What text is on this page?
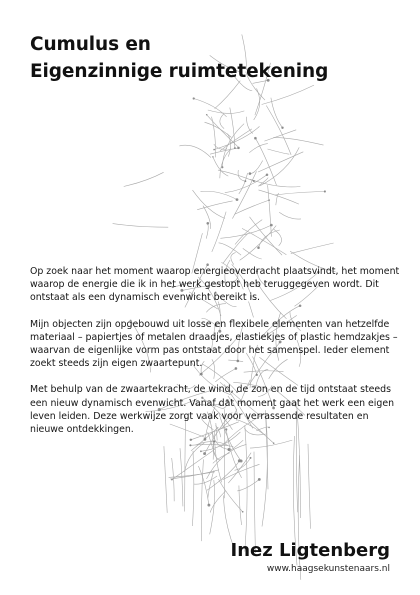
Cumulus en
Eigenzinnige ruimtetekening

Op zoek naar het moment waarop energieoverdracht plaatsvindt, het moment waarop de energie die ik in het werk gestopt heb teruggegeven wordt. Dit ontstaat als een dynamisch evenwicht bereikt is.

Mijn objecten zijn opgebouwd uit losse en flexibele elementen van hetzelfde materiaal – papiertjes of metalen draadjes, elastiekjes of plastic hemdzakjes – waarvan de eigenlijke vorm pas ontstaat door het samenspel. Ieder element zoekt steeds zijn eigen zwaartepunt.

Met behulp van de zwaartekracht, de wind, de zon en de tijd ontstaat steeds een nieuw dynamisch evenwicht. Vanaf dat moment gaat het werk een eigen leven leiden. Deze werkwijze zorgt vaak voor verrassende resultaten en nieuwe ontdekkingen.

Inez Ligtenberg
www.haagsekunstenaars.nl
